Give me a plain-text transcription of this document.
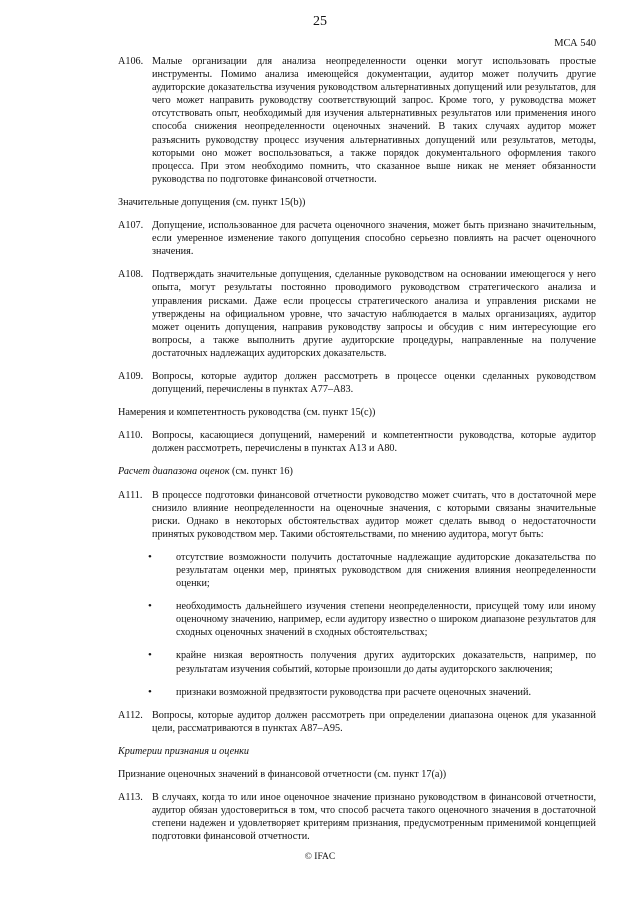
25
МСА 540
A106. Малые организации для анализа неопределенности оценки могут использовать простые инструменты. Помимо анализа имеющейся документации, аудитор может получить другие аудиторские доказательства изучения руководством альтернативных допущений или результатов, для чего может направить руководству соответствующий запрос. Кроме того, у руководства может отсутствовать опыт, необходимый для изучения альтернативных результатов или применения иного способа снижения неопределенности оценочных значений. В таких случаях аудитор может разъяснить руководству процесс изучения альтернативных допущений или результатов, методы, которыми оно может воспользоваться, а также порядок документального оформления такого процесса. При этом необходимо помнить, что сказанное выше никак не меняет обязанности руководства по подготовке финансовой отчетности.
Значительные допущения (см. пункт 15(b))
A107. Допущение, использованное для расчета оценочного значения, может быть признано значительным, если умеренное изменение такого допущения способно серьезно повлиять на расчет оценочного значения.
A108. Подтверждать значительные допущения, сделанные руководством на основании имеющегося у него опыта, могут результаты постоянно проводимого руководством стратегического анализа и управления рисками. Даже если процессы стратегического анализа и управления рисками не утверждены на официальном уровне, что зачастую наблюдается в малых организациях, аудитор может оценить допущения, направив руководству запросы и обсудив с ним интересующие его вопросы, а также выполнить другие аудиторские процедуры, направленные на получение достаточных надлежащих аудиторских доказательств.
A109. Вопросы, которые аудитор должен рассмотреть в процессе оценки сделанных руководством допущений, перечислены в пунктах A77–A83.
Намерения и компетентность руководства (см. пункт 15(c))
A110. Вопросы, касающиеся допущений, намерений и компетентности руководства, которые аудитор должен рассмотреть, перечислены в пунктах A13 и A80.
Расчет диапазона оценок (см. пункт 16)
A111. В процессе подготовки финансовой отчетности руководство может считать, что в достаточной мере снизило влияние неопределенности на оценочные значения, с которыми связаны значительные риски. Однако в некоторых обстоятельствах аудитор может сделать вывод о недостаточности принятых руководством мер. Такими обстоятельствами, по мнению аудитора, могут быть:
•	отсутствие возможности получить достаточные надлежащие аудиторские доказательства по результатам оценки мер, принятых руководством для снижения влияния неопределенности оценки;
•	необходимость дальнейшего изучения степени неопределенности, присущей тому или иному оценочному значению, например, если аудитору известно о широком диапазоне результатов для сходных оценочных значений в сходных обстоятельствах;
•	крайне низкая вероятность получения других аудиторских доказательств, например, по результатам изучения событий, которые произошли до даты аудиторского заключения;
•	признаки возможной предвзятости руководства при расчете оценочных значений.
A112. Вопросы, которые аудитор должен рассмотреть при определении диапазона оценок для указанной цели, рассматриваются в пунктах A87–A95.
Критерии признания и оценки
Признание оценочных значений в финансовой отчетности (см. пункт 17(a))
A113. В случаях, когда то или иное оценочное значение признано руководством в финансовой отчетности, аудитор обязан удостовериться в том, что способ расчета такого оценочного значения в достаточной степени надежен и удовлетворяет критериям признания, предусмотренным применимой концепцией подготовки финансовой отчетности.
© IFAC
